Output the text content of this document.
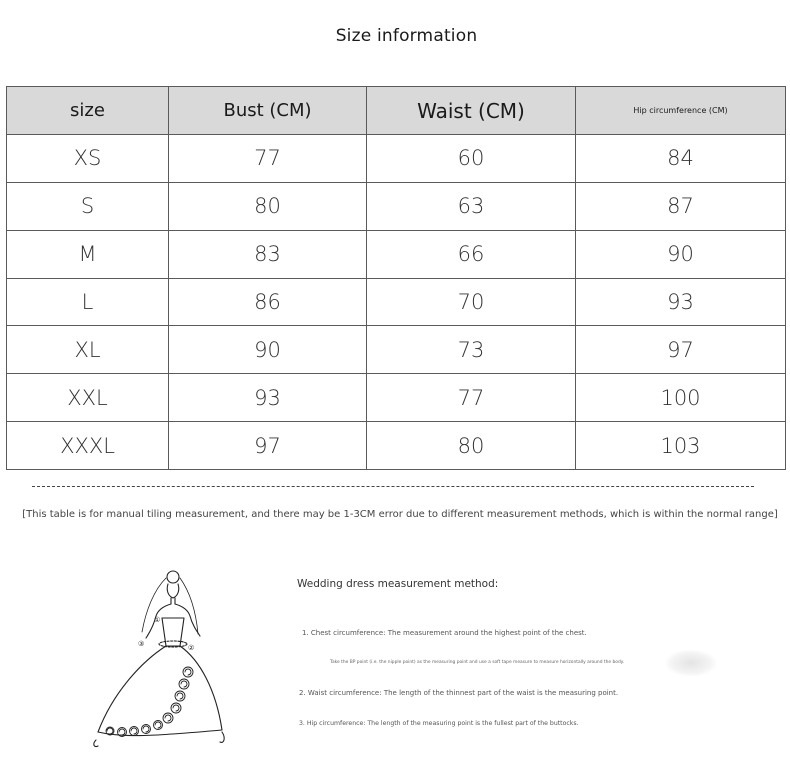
Size information
size	Bust (CM)	Waist (CM)	Hip circumference (CM)
XS	77	60	84
S	80	63	87
M	83	66	90
L	86	70	93
XL	90	73	97
XXL	93	77	100
XXXL	97	80	103
[This table is for manual tiling measurement, and there may be 1-3CM error due to different measurement methods, which is within the normal range]
①
②
③
Wedding dress measurement method:
1. Chest circumference: The measurement around the highest point of the chest.
Take the BP point (i.e. the nipple point) as the measuring point and use a soft tape measure to measure horizontally around the body.
2. Waist circumference: The length of the thinnest part of the waist is the measuring point.
3. Hip circumference: The length of the measuring point is the fullest part of the buttocks.
